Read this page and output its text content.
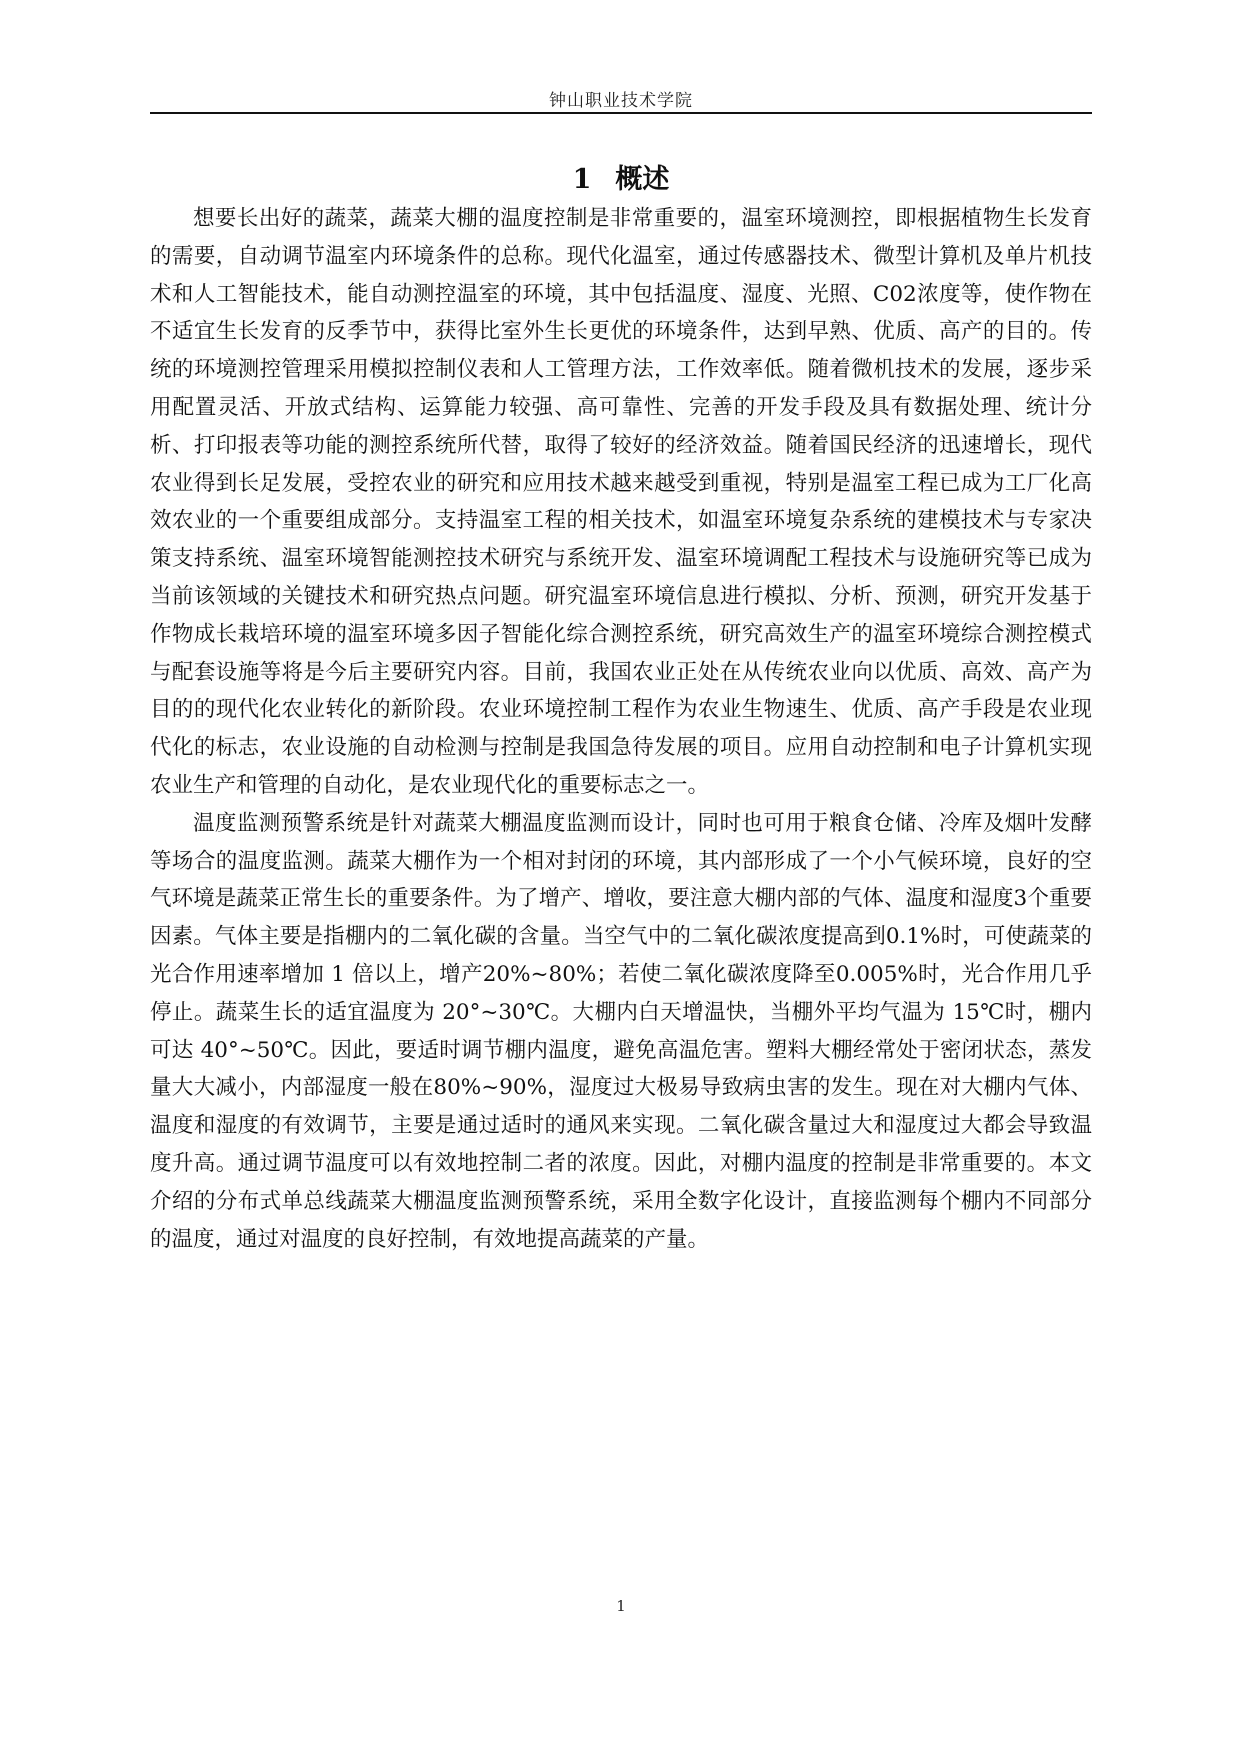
钟山职业技术学院
1 概述

想要长出好的蔬菜，蔬菜大棚的温度控制是非常重要的，温室环境测控，即根据植物生长发育的需要，自动调节温室内环境条件的总称。现代化温室，通过传感器技术、微型计算机及单片机技术和人工智能技术，能自动测控温室的环境，其中包括温度、湿度、光照、C02浓度等，使作物在不适宜生长发育的反季节中，获得比室外生长更优的环境条件，达到早熟、优质、高产的目的。传统的环境测控管理采用模拟控制仪表和人工管理方法，工作效率低。随着微机技术的发展，逐步采用配置灵活、开放式结构、运算能力较强、高可靠性、完善的开发手段及具有数据处理、统计分析、打印报表等功能的测控系统所代替，取得了较好的经济效益。随着国民经济的迅速增长，现代农业得到长足发展，受控农业的研究和应用技术越来越受到重视，特别是温室工程已成为工厂化高效农业的一个重要组成部分。支持温室工程的相关技术，如温室环境复杂系统的建模技术与专家决策支持系统、温室环境智能测控技术研究与系统开发、温室环境调配工程技术与设施研究等已成为当前该领域的关键技术和研究热点问题。研究温室环境信息进行模拟、分析、预测，研究开发基于作物成长栽培环境的温室环境多因子智能化综合测控系统，研究高效生产的温室环境综合测控模式与配套设施等将是今后主要研究内容。目前，我国农业正处在从传统农业向以优质、高效、高产为目的的现代化农业转化的新阶段。农业环境控制工程作为农业生物速生、优质、高产手段是农业现代化的标志，农业设施的自动检测与控制是我国急待发展的项目。应用自动控制和电子计算机实现农业生产和管理的自动化，是农业现代化的重要标志之一。

温度监测预警系统是针对蔬菜大棚温度监测而设计，同时也可用于粮食仓储、冷库及烟叶发酵等场合的温度监测。蔬菜大棚作为一个相对封闭的环境，其内部形成了一个小气候环境，良好的空气环境是蔬菜正常生长的重要条件。为了增产、增收，要注意大棚内部的气体、温度和湿度3个重要因素。气体主要是指棚内的二氧化碳的含量。当空气中的二氧化碳浓度提高到0.1%时，可使蔬菜的光合作用速率增加 1 倍以上，增产20%~80%；若使二氧化碳浓度降至0.005%时，光合作用几乎停止。蔬菜生长的适宜温度为 20°~30℃。大棚内白天增温快，当棚外平均气温为 15℃时，棚内可达 40°~50℃。因此，要适时调节棚内温度，避免高温危害。塑料大棚经常处于密闭状态，蒸发量大大减小，内部湿度一般在80%~90%，湿度过大极易导致病虫害的发生。现在对大棚内气体、温度和湿度的有效调节，主要是通过适时的通风来实现。二氧化碳含量过大和湿度过大都会导致温度升高。通过调节温度可以有效地控制二者的浓度。因此，对棚内温度的控制是非常重要的。本文介绍的分布式单总线蔬菜大棚温度监测预警系统，采用全数字化设计，直接监测每个棚内不同部分的温度，通过对温度的良好控制，有效地提高蔬菜的产量。

1
